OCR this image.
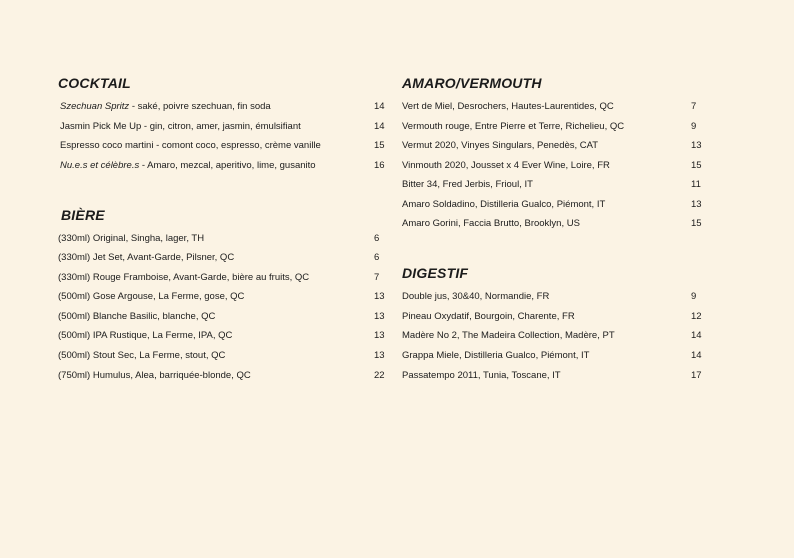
COCKTAIL
Szechuan Spritz - saké, poivre szechuan, fin soda	14
Jasmin Pick Me Up - gin, citron, amer, jasmin, émulsifiant	14
Espresso coco martini - comont coco, espresso, crème vanille	15
Nu.e.s et célèbre.s - Amaro, mezcal, aperitivo, lime, gusanito	16
BIÈRE
(330ml) Original, Singha, lager, TH	6
(330ml) Jet Set, Avant-Garde, Pilsner, QC	6
(330ml) Rouge Framboise, Avant-Garde, bière au fruits, QC	7
(500ml) Gose Argouse, La Ferme, gose, QC	13
(500ml) Blanche Basilic, blanche, QC	13
(500ml) IPA Rustique, La Ferme, IPA, QC	13
(500ml) Stout Sec, La Ferme, stout, QC	13
(750ml) Humulus, Alea, barriquée-blonde, QC	22
AMARO/VERMOUTH
Vert de Miel, Desrochers, Hautes-Laurentides, QC	7
Vermouth rouge, Entre Pierre et Terre, Richelieu, QC	9
Vermut 2020, Vinyes Singulars, Penedès, CAT	13
Vinmouth 2020, Jousset x 4 Ever Wine, Loire, FR	15
Bitter 34, Fred Jerbis, Frioul, IT	11
Amaro Soldadino, Distilleria Gualco, Piémont, IT	13
Amaro Gorini, Faccia Brutto, Brooklyn, US	15
DIGESTIF
Double jus, 30&40, Normandie, FR	9
Pineau Oxydatif, Bourgoin, Charente, FR	12
Madère No 2, The Madeira Collection, Madère, PT	14
Grappa Miele, Distilleria Gualco, Piémont, IT	14
Passatempo 2011, Tunia, Toscane, IT	17
